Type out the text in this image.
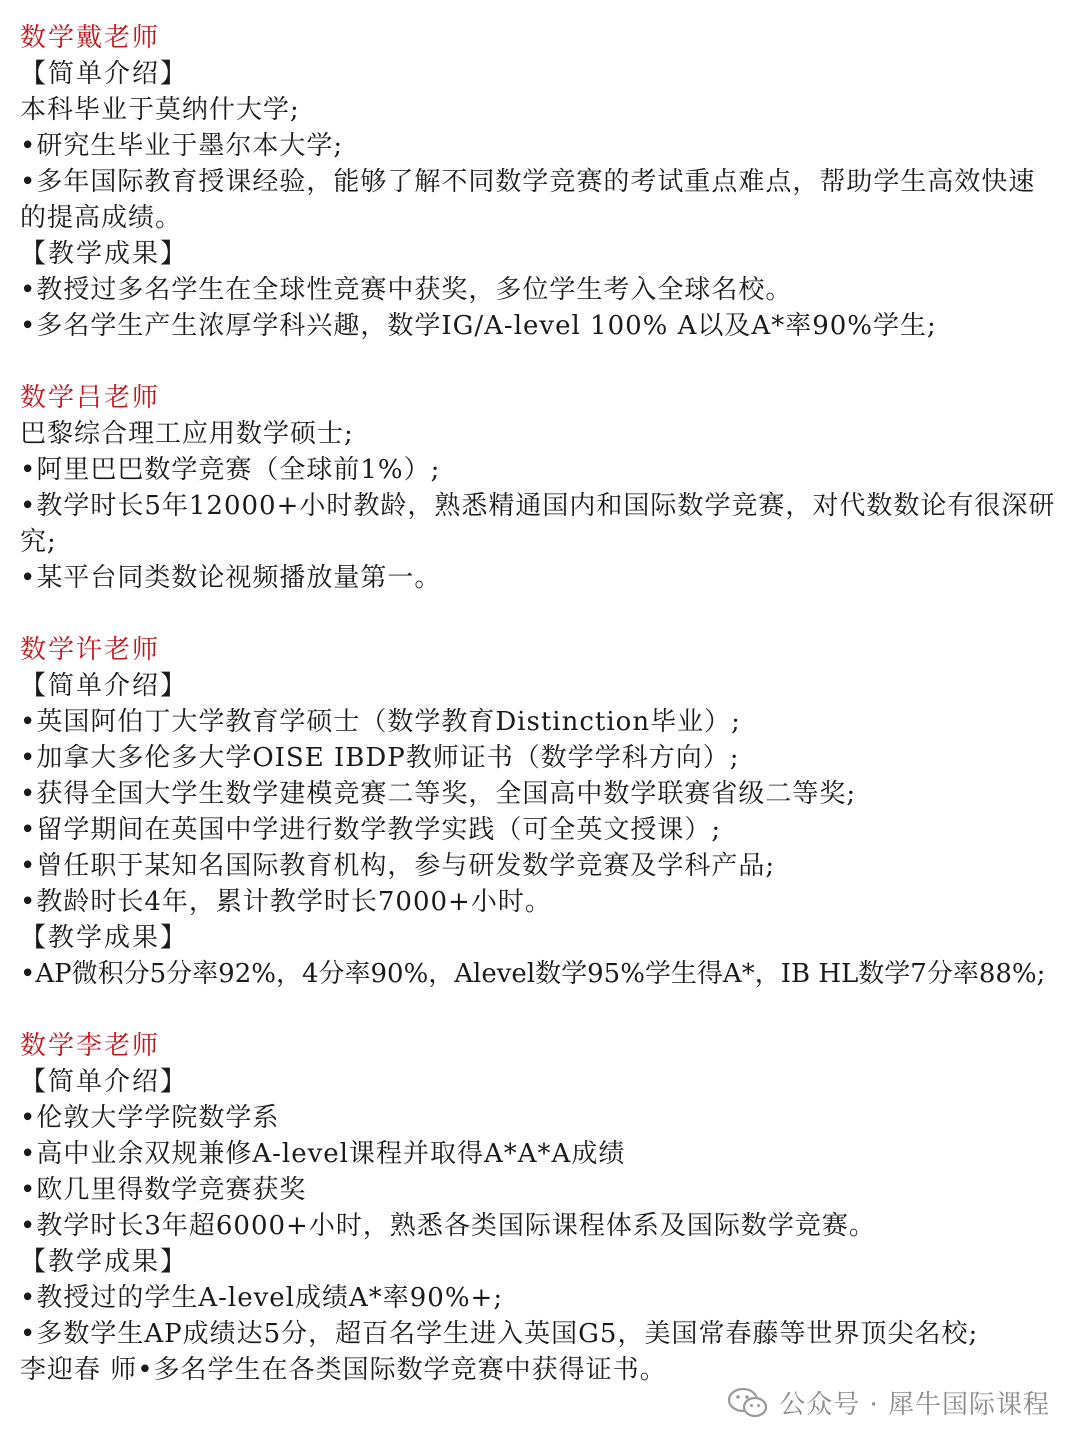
数学戴老师
【简单介绍】
本科毕业于莫纳什大学;
•研究生毕业于墨尔本大学;
•多年国际教育授课经验，能够了解不同数学竞赛的考试重点难点，帮助学生高效快速的提高成绩。
【教学成果】
•教授过多名学生在全球性竞赛中获奖，多位学生考入全球名校。
•多名学生产生浓厚学科兴趣，数学IG/A-level 100% A以及A*率90%学生;
数学吕老师
巴黎综合理工应用数学硕士;
•阿里巴巴数学竞赛（全球前1%）;
•教学时长5年12000+小时教龄，熟悉精通国内和国际数学竞赛，对代数数论有很深研究;
•某平台同类数论视频播放量第一。
数学许老师
【简单介绍】
•英国阿伯丁大学教育学硕士（数学教育Distinction毕业）;
•加拿大多伦多大学OISE IBDP教师证书（数学学科方向）;
•获得全国大学生数学建模竞赛二等奖，全国高中数学联赛省级二等奖;
•留学期间在英国中学进行数学教学实践（可全英文授课）;
•曾任职于某知名国际教育机构，参与研发数学竞赛及学科产品;
•教龄时长4年，累计教学时长7000+小时。
【教学成果】
•AP微积分5分率92%，4分率90%，Alevel数学95%学生得A*，IB HL数学7分率88%;
数学李老师
【简单介绍】
•伦敦大学学院数学系
•高中业余双规兼修A-level课程并取得A*A*A成绩
•欧几里得数学竞赛获奖
•教学时长3年超6000+小时，熟悉各类国际课程体系及国际数学竞赛。
【教学成果】
•教授过的学生A-level成绩A*率90%+;
•多数学生AP成绩达5分，超百名学生进入英国G5，美国常春藤等世界顶尖名校;
李迎春 师•多名学生在各类国际数学竞赛中获得证书。
公众号 · 犀牛国际课程
